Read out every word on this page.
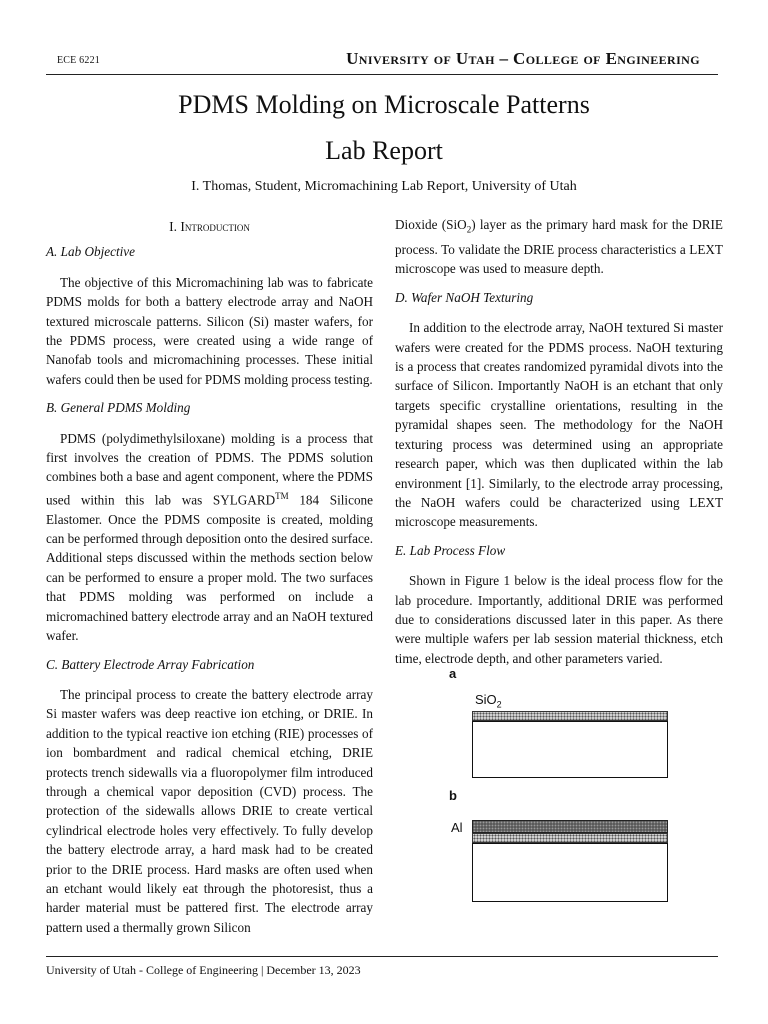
ECE 6221	University of Utah – College of Engineering
PDMS Molding on Microscale Patterns
Lab Report
I. Thomas, Student, Micromachining Lab Report, University of Utah
I. Introduction
A. Lab Objective

The objective of this Micromachining lab was to fabricate PDMS molds for both a battery electrode array and NaOH textured microscale patterns. Silicon (Si) master wafers, for the PDMS process, were created using a wide range of Nanofab tools and micromachining processes. These initial wafers could then be used for PDMS molding process testing.

B. General PDMS Molding

PDMS (polydimethylsiloxane) molding is a process that first involves the creation of PDMS. The PDMS solution combines both a base and agent component, where the PDMS used within this lab was SYLGARD™ 184 Silicone Elastomer. Once the PDMS composite is created, molding can be performed through deposition onto the desired surface. Additional steps discussed within the methods section below can be performed to ensure a proper mold. The two surfaces that PDMS molding was performed on include a micromachined battery electrode array and an NaOH textured wafer.

C. Battery Electrode Array Fabrication

The principal process to create the battery electrode array Si master wafers was deep reactive ion etching, or DRIE. In addition to the typical reactive ion etching (RIE) processes of ion bombardment and radical chemical etching, DRIE protects trench sidewalls via a fluoropolymer film introduced through a chemical vapor deposition (CVD) process. The protection of the sidewalls allows DRIE to create vertical cylindrical electrode holes very effectively. To fully develop the battery electrode array, a hard mask had to be created prior to the DRIE process. Hard masks are often used when an etchant would likely eat through the photoresist, thus a harder material must be pattered first. The electrode array pattern used a thermally grown Silicon

Dioxide (SiO$_2$) layer as the primary hard mask for the DRIE process. To validate the DRIE process characteristics a LEXT microscope was used to measure depth.

D. Wafer NaOH Texturing

In addition to the electrode array, NaOH textured Si master wafers were created for the PDMS process. NaOH texturing is a process that creates randomized pyramidal divots into the surface of Silicon. Importantly NaOH is an etchant that only targets specific crystalline orientations, resulting in the pyramidal shapes seen. The methodology for the NaOH texturing process was determined using an appropriate research paper, which was then duplicated within the lab environment [1]. Similarly, to the electrode array processing, the NaOH wafers could be characterized using LEXT microscope measurements.

E. Lab Process Flow

Shown in Figure 1 below is the ideal process flow for the lab procedure. Importantly, additional DRIE was performed due to considerations discussed later in this paper. As there were multiple wafers per lab session material thickness, etch time, electrode depth, and other parameters varied.

a
SiO$_2$
b
Al
University of Utah - College of Engineering | December 13, 2023
